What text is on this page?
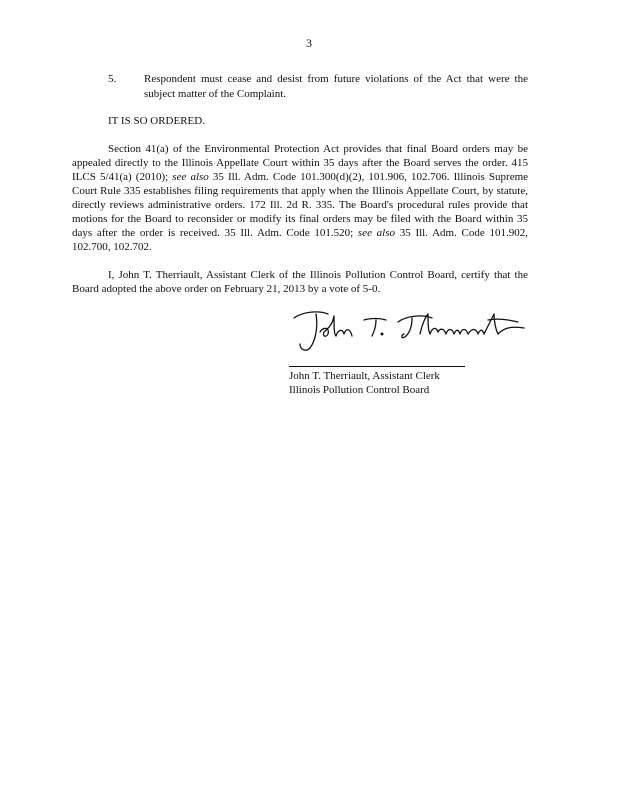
3
5.	Respondent must cease and desist from future violations of the Act that were the subject matter of the Complaint.
IT IS SO ORDERED.

Section 41(a) of the Environmental Protection Act provides that final Board orders may be appealed directly to the Illinois Appellate Court within 35 days after the Board serves the order. 415 ILCS 5/41(a) (2010); see also 35 Ill. Adm. Code 101.300(d)(2), 101.906, 102.706. Illinois Supreme Court Rule 335 establishes filing requirements that apply when the Illinois Appellate Court, by statute, directly reviews administrative orders. 172 Ill. 2d R. 335. The Board's procedural rules provide that motions for the Board to reconsider or modify its final orders may be filed with the Board within 35 days after the order is received. 35 Ill. Adm. Code 101.520; see also 35 Ill. Adm. Code 101.902, 102.700, 102.702.

I, John T. Therriault, Assistant Clerk of the Illinois Pollution Control Board, certify that the Board adopted the above order on February 21, 2013 by a vote of 5-0.

John T. Therriault, Assistant Clerk
Illinois Pollution Control Board
